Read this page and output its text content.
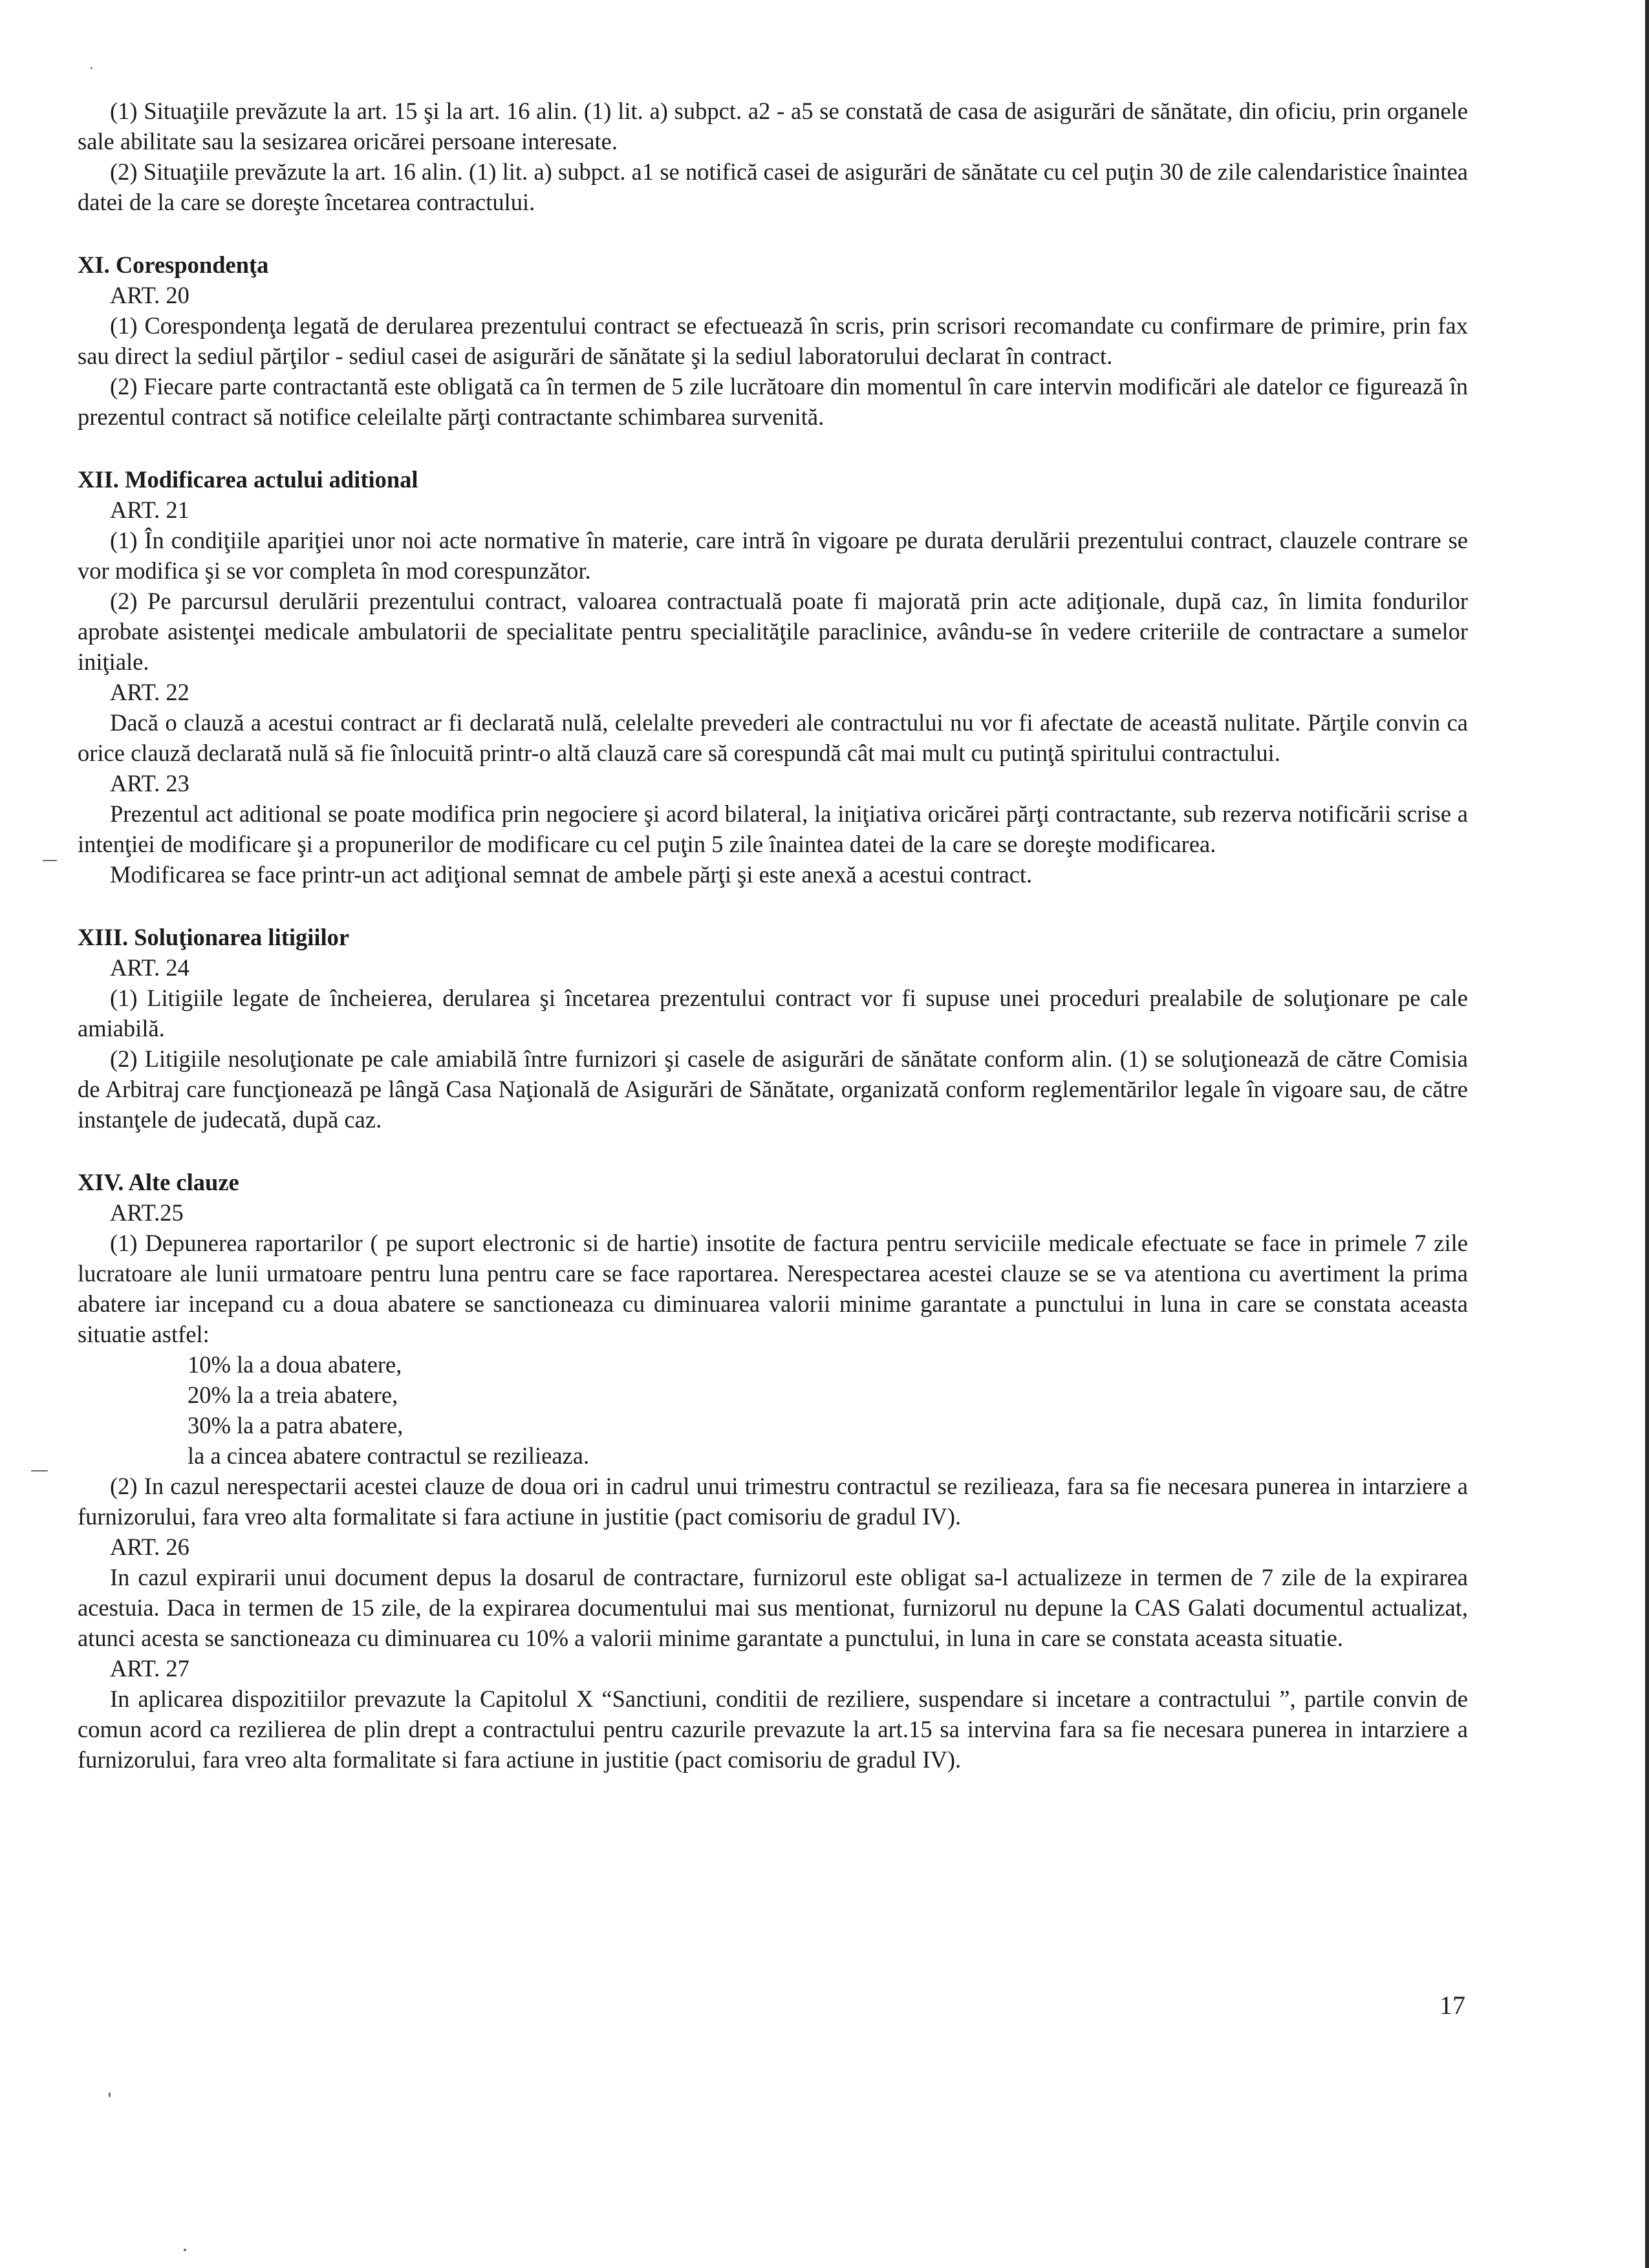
(1) Situaţiile prevăzute la art. 15 şi la art. 16 alin. (1) lit. a) subpct. a2 - a5 se constată de casa de asigurări de sănătate, din oficiu, prin organele sale abilitate sau la sesizarea oricărei persoane interesate.

(2) Situaţiile prevăzute la art. 16 alin. (1) lit. a) subpct. a1 se notifică casei de asigurări de sănătate cu cel puţin 30 de zile calendaristice înaintea datei de la care se doreşte încetarea contractului.

XI. Corespondenţa
ART. 20

(1) Corespondenţa legată de derularea prezentului contract se efectuează în scris, prin scrisori recomandate cu confirmare de primire, prin fax sau direct la sediul părţilor - sediul casei de asigurări de sănătate şi la sediul laboratorului declarat în contract.

(2) Fiecare parte contractantă este obligată ca în termen de 5 zile lucrătoare din momentul în care intervin modificări ale datelor ce figurează în prezentul contract să notifice celeilalte părţi contractante schimbarea survenită.

XII. Modificarea actului aditional
ART. 21

(1) În condiţiile apariţiei unor noi acte normative în materie, care intră în vigoare pe durata derulării prezentului contract, clauzele contrare se vor modifica şi se vor completa în mod corespunzător.

(2) Pe parcursul derulării prezentului contract, valoarea contractuală poate fi majorată prin acte adiţionale, după caz, în limita fondurilor aprobate asistenţei medicale ambulatorii de specialitate pentru specialităţile paraclinice, avându-se în vedere criteriile de contractare a sumelor iniţiale.

ART. 22

Dacă o clauză a acestui contract ar fi declarată nulă, celelalte prevederi ale contractului nu vor fi afectate de această nulitate. Părţile convin ca orice clauză declarată nulă să fie înlocuită printr-o altă clauză care să corespundă cât mai mult cu putinţă spiritului contractului.

ART. 23

Prezentul act aditional se poate modifica prin negociere şi acord bilateral, la iniţiativa oricărei părţi contractante, sub rezerva notificării scrise a intenţiei de modificare şi a propunerilor de modificare cu cel puţin 5 zile înaintea datei de la care se doreşte modificarea.

Modificarea se face printr-un act adiţional semnat de ambele părţi şi este anexă a acestui contract.

XIII. Soluţionarea litigiilor
ART. 24

(1) Litigiile legate de încheierea, derularea şi încetarea prezentului contract vor fi supuse unei proceduri prealabile de soluţionare pe cale amiabilă.

(2) Litigiile nesoluţionate pe cale amiabilă între furnizori şi casele de asigurări de sănătate conform alin. (1) se soluţionează de către Comisia de Arbitraj care funcţionează pe lângă Casa Naţională de Asigurări de Sănătate, organizată conform reglementărilor legale în vigoare sau, de către instanţele de judecată, după caz.

XIV. Alte clauze
ART.25

(1) Depunerea raportarilor ( pe suport electronic si de hartie) insotite de factura pentru serviciile medicale efectuate se face in primele 7 zile lucratoare ale lunii urmatoare pentru luna pentru care se face raportarea. Nerespectarea acestei clauze se se va atentiona cu avertiment la prima abatere iar incepand cu a doua abatere se sanctioneaza cu diminuarea valorii minime garantate a punctului in luna in care se constata aceasta situatie astfel:

10% la a doua abatere,

20% la a treia abatere,

30% la a patra abatere,

la a cincea abatere contractul se rezilieaza.

(2) In cazul nerespectarii acestei clauze de doua ori in cadrul unui trimestru contractul se rezilieaza, fara sa fie necesara punerea in intarziere a furnizorului, fara vreo alta formalitate si fara actiune in justitie (pact comisoriu de gradul IV).

ART. 26

In cazul expirarii unui document depus la dosarul de contractare, furnizorul este obligat sa-l actualizeze in termen de 7 zile de la expirarea acestuia. Daca in termen de 15 zile, de la expirarea documentului mai sus mentionat, furnizorul nu depune la CAS Galati documentul actualizat, atunci acesta se sanctioneaza cu diminuarea cu 10% a valorii minime garantate a punctului, in luna in care se constata aceasta situatie.

ART. 27

In aplicarea dispozitiilor prevazute la Capitolul X “Sanctiuni, conditii de reziliere, suspendare si incetare a contractului ”, partile convin de comun acord ca rezilierea de plin drept a contractului pentru cazurile prevazute la art.15 sa intervina fara sa fie necesara punerea in intarziere a furnizorului, fara vreo alta formalitate si fara actiune in justitie (pact comisoriu de gradul IV).

17
